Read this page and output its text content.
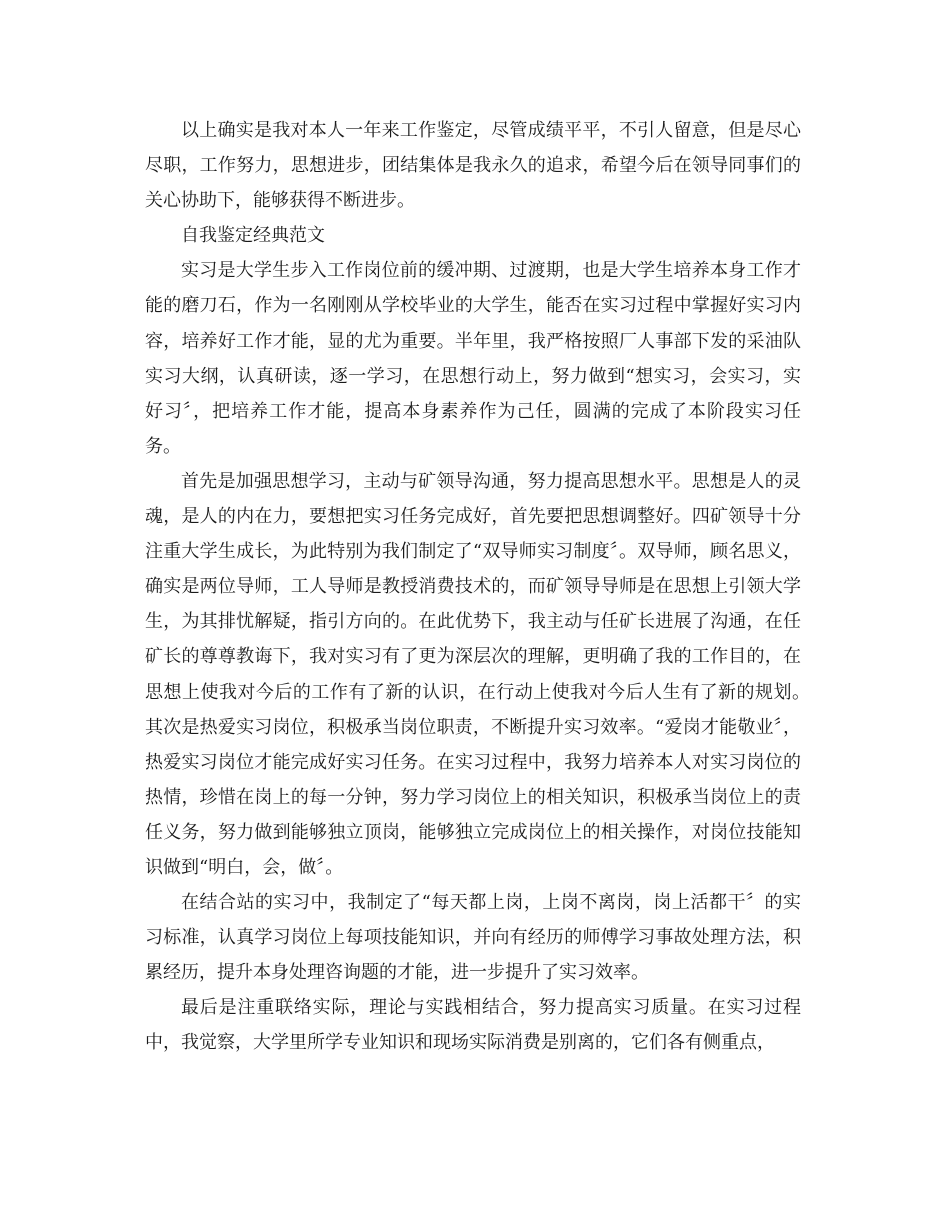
以上确实是我对本人一年来工作鉴定，尽管成绩平平，不引人留意，但是尽心尽职，工作努力，思想进步，团结集体是我永久的追求，希望今后在领导同事们的关心协助下，能够获得不断进步。

自我鉴定经典范文

实习是大学生步入工作岗位前的缓冲期、过渡期，也是大学生培养本身工作才能的磨刀石，作为一名刚刚从学校毕业的大学生，能否在实习过程中掌握好实习内容，培养好工作才能，显的尤为重要。半年里，我严格按照厂人事部下发的采油队实习大纲，认真研读，逐一学习，在思想行动上，努力做到“想实习，会实习，实好习〞，把培养工作才能，提高本身素养作为己任，圆满的完成了本阶段实习任务。

首先是加强思想学习，主动与矿领导沟通，努力提高思想水平。思想是人的灵魂，是人的内在力，要想把实习任务完成好，首先要把思想调整好。四矿领导十分注重大学生成长，为此特别为我们制定了“双导师实习制度〞。双导师，顾名思义，确实是两位导师，工人导师是教授消费技术的，而矿领导导师是在思想上引领大学生，为其排忧解疑，指引方向的。在此优势下，我主动与任矿长进展了沟通，在任矿长的尊尊教诲下，我对实习有了更为深层次的理解，更明确了我的工作目的，在思想上使我对今后的工作有了新的认识，在行动上使我对今后人生有了新的规划。　　其次是热爱实习岗位，积极承当岗位职责，不断提升实习效率。“爱岗才能敬业〞，热爱实习岗位才能完成好实习任务。在实习过程中，我努力培养本人对实习岗位的热情，珍惜在岗上的每一分钟，努力学习岗位上的相关知识，积极承当岗位上的责任义务，努力做到能够独立顶岗，能够独立完成岗位上的相关操作，对岗位技能知识做到“明白，会，做〞。

在结合站的实习中，我制定了“每天都上岗，上岗不离岗，岗上活都干〞的实习标准，认真学习岗位上每项技能知识，并向有经历的师傅学习事故处理方法，积累经历，提升本身处理咨询题的才能，进一步提升了实习效率。

最后是注重联络实际，理论与实践相结合，努力提高实习质量。在实习过程中，我觉察，大学里所学专业知识和现场实际消费是别离的，它们各有侧重点，
